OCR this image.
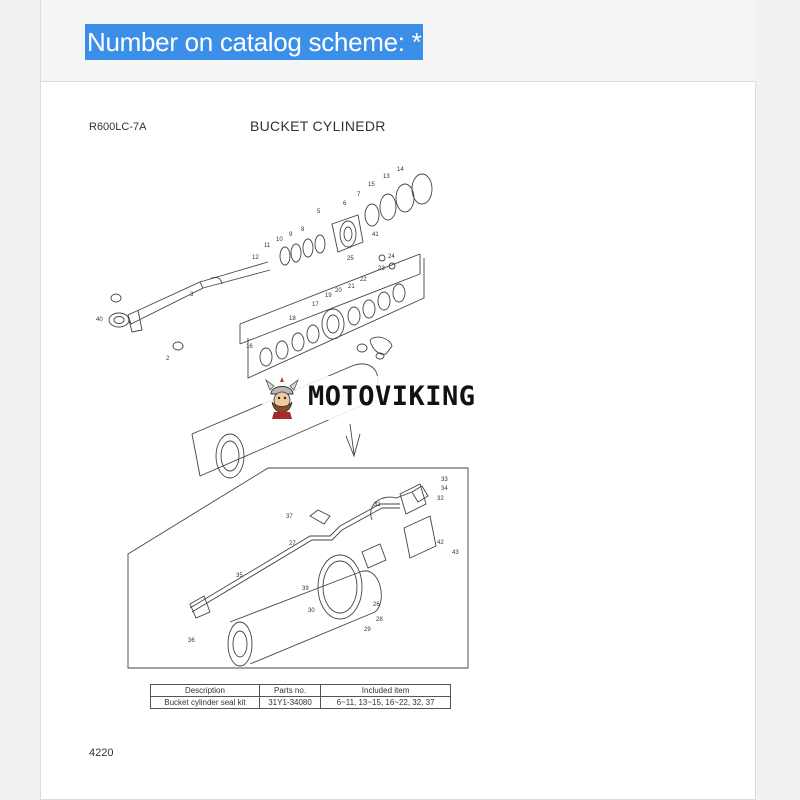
Number on catalog scheme: *
14
13
15
7
6
5
8
9
10
11
12
41
25	24
23
22
21
20
19
17
18
3
16
40
2
33
34
35
31
32
42
43
37
36
39
27
26
28
29
30
R600LC-7A	BUCKET CYLINEDR
Description	Parts no.	Included item
Bucket cylinder seal kit	31Y1-34080	6~11, 13~15, 16~22, 32, 37
4220
MOTOVIKING
